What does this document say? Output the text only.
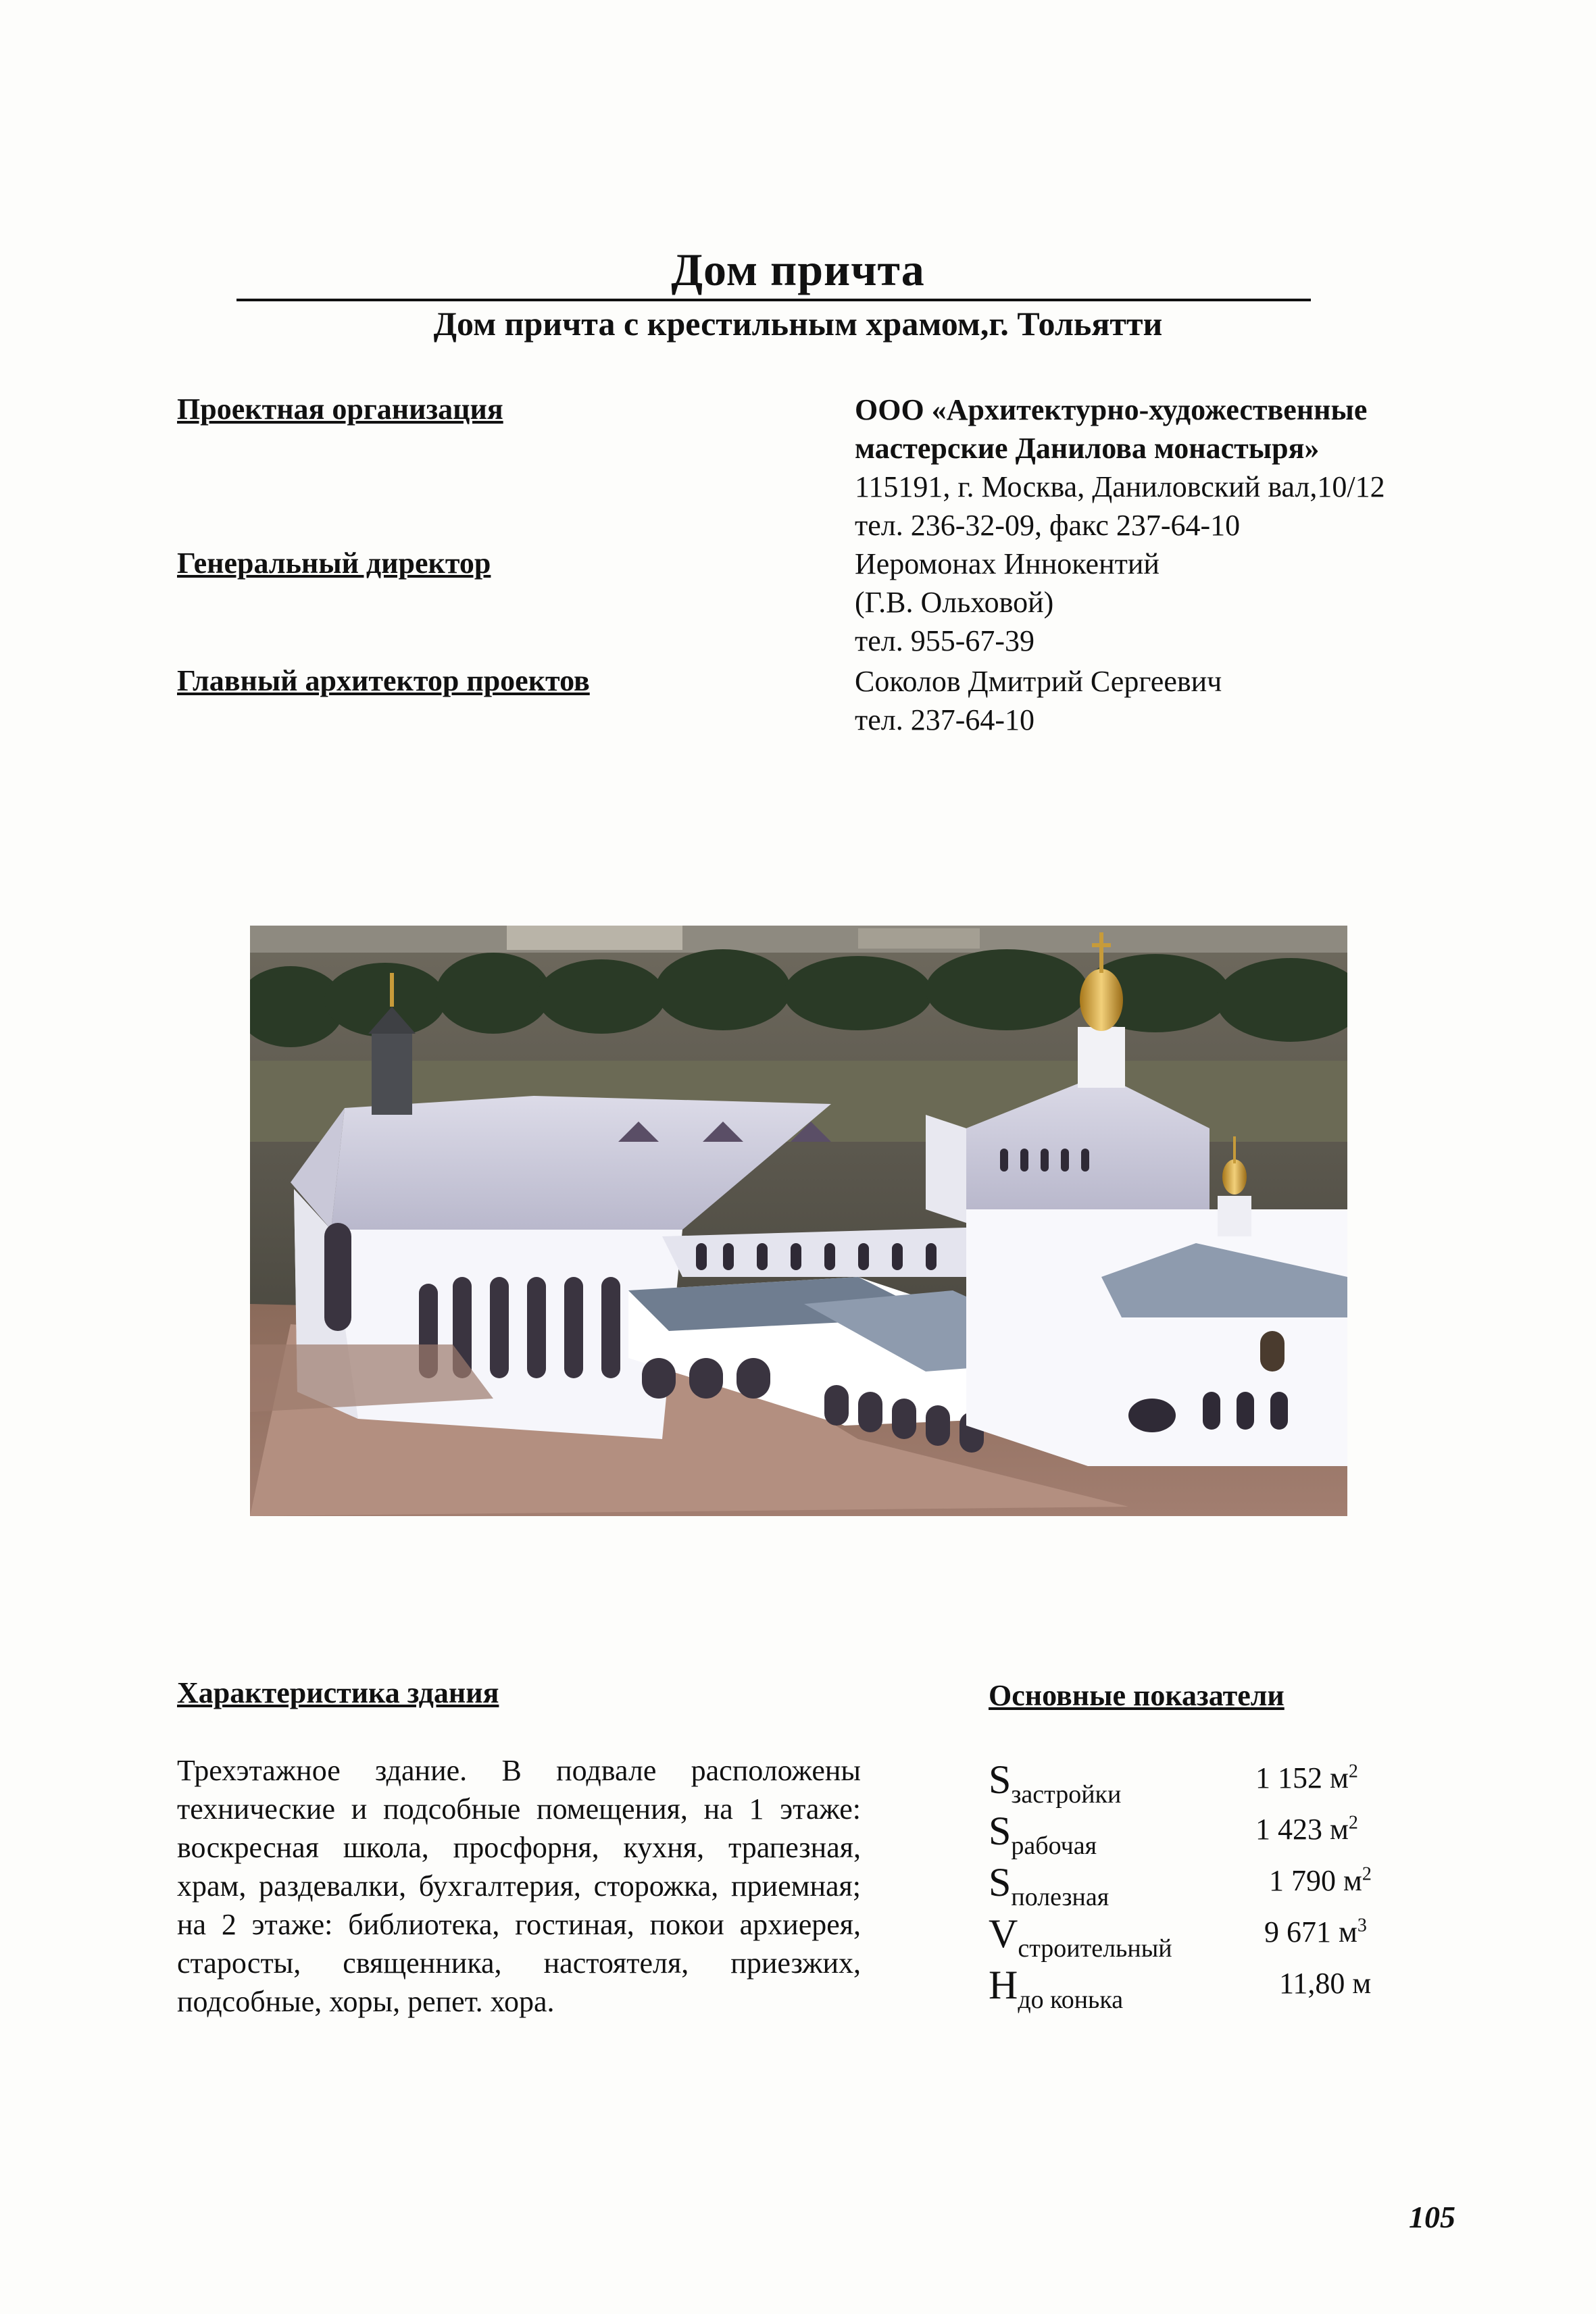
Дом причта
Дом причта с крестильным храмом,г. Тольятти
Проектная организация	ООО «Архитектурно-художественные
мастерские Данилова монастыря»
115191, г. Москва, Даниловский вал,10/12
тел. 236-32-09, факс 237-64-10
Генеральный директор	Иеромонах Иннокентий
(Г.В. Ольховой)
тел. 955-67-39
Главный архитектор проектов	Соколов Дмитрий Сергеевич
тел. 237-64-10
Характеристика здания
Трехэтажное здание. В подвале расположены технические и подсобные помещения, на 1 этаже: воскресная школа, просфорня, кухня, трапезная, храм, раздевалки, бухгалтерия, сторожка, приемная; на 2 этаже: библиотека, гостиная, покои архиерея, старосты, священника, настоятеля, приезжих, подсобные, хоры, репет. хора.
Основные показатели
Sзастройки	1 152 $м^2$
Sрабочая	1 423 $м^2$
Sполезная	1 790 $м^2$
Vстроительный	9 671 $м^3$
Hдо конька	11,80 м
105
